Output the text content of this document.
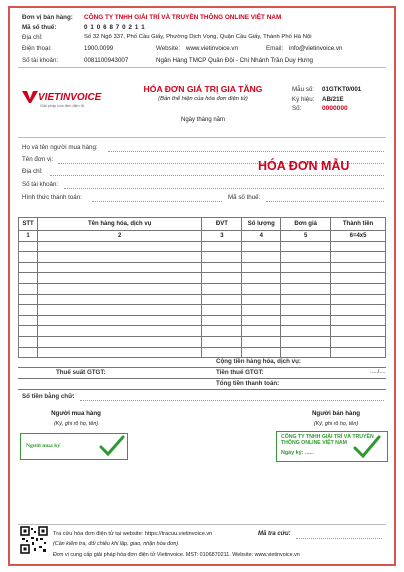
Đơn vị bán hàng: CÔNG TY TNHH GIẢI TRÍ VÀ TRUYỀN THÔNG ONLINE VIỆT NAM
Mã số thuế:	0 1 0 6 8 7 0 2 1 1
Địa chỉ:	Số 32 Ngõ 337, Phố Cầu Giấy, Phường Dịch Vọng, Quận Cầu Giấy, Thành Phố Hà Nội
Điện thoại:	1900.0099	Website: www.vietinvoice.vn	Email: info@vietinvoice.vn
Số tài khoản:	0081100943007	Ngân Hàng TMCP Quân Đội - Chi Nhánh Trần Duy Hưng
VIETINVOICE
Giải pháp hóa đơn điện tử
HÓA ĐƠN GIÁ TRỊ GIA TĂNG
(Bản thể hiện của hóa đơn điện tử)
Ngày tháng năm
Mẫu số: 01GTKT0/001
Ký hiệu: AB/21E
Số:	0000000
Họ và tên người mua hàng:
Tên đơn vị:
Địa chỉ:
Số tài khoản:
Hình thức thanh toán:	Mã số thuế:
HÓA ĐƠN MẪU
STT	Tên hàng hóa, dịch vụ	ĐVT	Số lượng	Đơn giá	Thành tiền
1	2	3	4	5	6=4x5

Cộng tiền hàng hóa, dịch vụ:
Thuế suất GTGT:	Tiền thuế GTGT:	...../....
Tổng tiền thanh toán:
Số tiền bằng chữ:
Người mua hàng
(Ký, ghi rõ họ, tên)
Người mua ký
Người bán hàng
(Ký, ghi rõ họ, tên)
CÔNG TY TNHH GIẢI TRÍ VÀ TRUYỀN THÔNG ONLINE VIỆT NAM
Ngày ký: ......
Tra cứu hóa đơn điện tử tại website: https://tracuu.vietinvoice.vn
(Cần kiểm tra, đối chiếu khi lập, giao, nhận hóa đơn)
Mã tra cứu:
Đơn vị cung cấp giải pháp hóa đơn điện tử Vietinvoice. MST: 0106870211. Website: www.vietinvoice.vn
